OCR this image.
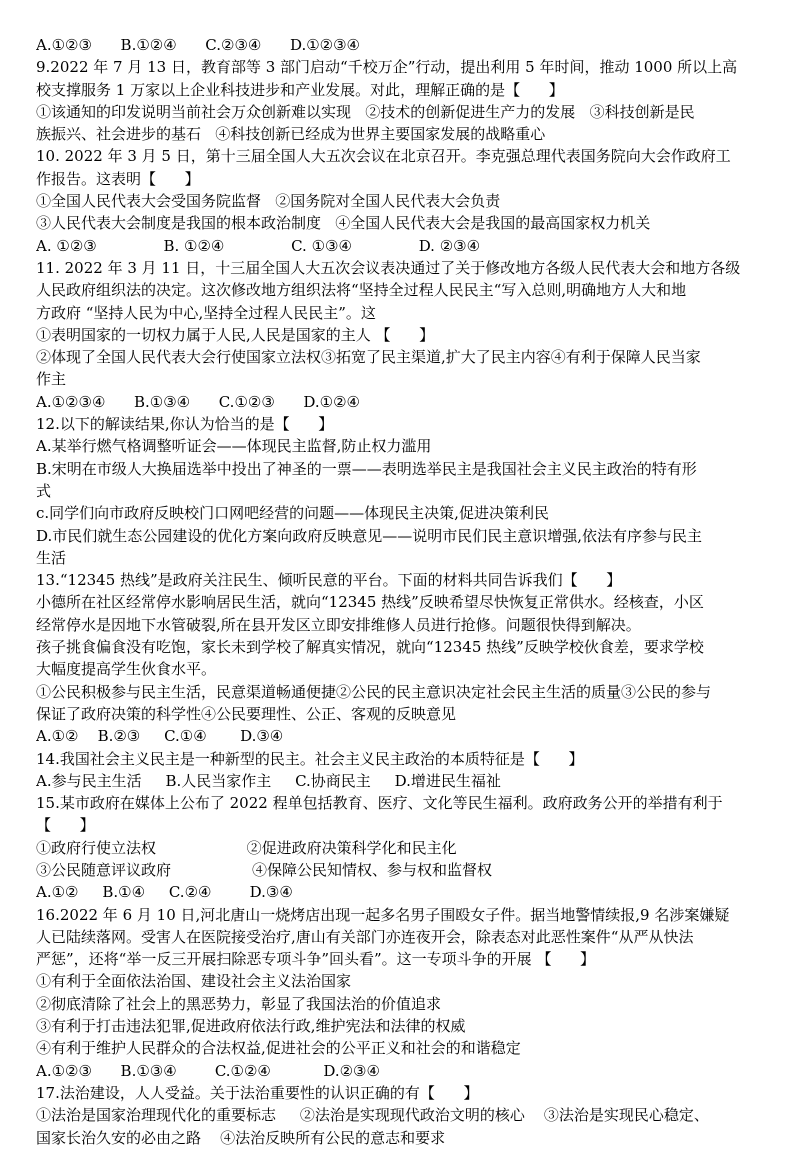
A.①②③      B.①②④      C.②③④      D.①②③④
9.2022 年 7 月 13 日，教育部等 3 部门启动“千校万企”行动，提出利用 5 年时间，推动 1000 所以上高
校支撑服务 1 万家以上企业科技进步和产业发展。对此，理解正确的是【      】
①该通知的印发说明当前社会万众创新难以实现   ②技术的创新促进生产力的发展   ③科技创新是民
族振兴、社会进步的基石   ④科技创新已经成为世界主要国家发展的战略重心
10. 2022 年 3 月 5 日，第十三届全国人大五次会议在北京召开。李克强总理代表国务院向大会作政府工
作报告。这表明【      】
①全国人民代表大会受国务院监督   ②国务院对全国人民代表大会负责
③人民代表大会制度是我国的根本政治制度   ④全国人民代表大会是我国的最高国家权力机关
A. ①②③              B. ①②④              C. ①③④              D. ②③④
11. 2022 年 3 月 11 日，十三届全国人大五次会议表决通过了关于修改地方各级人民代表大会和地方各级
人民政府组织法的决定。这次修改地方组织法将“坚持全过程人民民主“写入总则,明确地方人大和地
方政府 “坚持人民为中心,坚持全过程人民民主”。这
①表明国家的一切权力属于人民,人民是国家的主人 【      】
②体现了全国人民代表大会行使国家立法权③拓宽了民主渠道,扩大了民主内容④有利于保障人民当家
作主
A.①②③④      B.①③④      C.①②③      D.①②④
12.以下的解读结果,你认为恰当的是【      】
A.某举行燃气格调整听证会——体现民主监督,防止权力滥用
B.宋明在市级人大换届选举中投出了神圣的一票——表明选举民主是我国社会主义民主政治的特有形
式
c.同学们向市政府反映校门口网吧经营的问题——体现民主决策,促进决策利民
D.市民们就生态公园建设的优化方案向政府反映意见——说明市民们民主意识增强,依法有序参与民主
生活
13.“12345 热线”是政府关注民生、倾听民意的平台。下面的材料共同告诉我们【      】
小德所在社区经常停水影响居民生活，就向“12345 热线”反映希望尽快恢复正常供水。经核查，小区
经常停水是因地下水管破裂,所在县开发区立即安排维修人员进行抢修。问题很快得到解决。
孩子挑食偏食没有吃饱，家长未到学校了解真实情况，就向“12345 热线”反映学校伙食差，要求学校
大幅度提高学生伙食水平。
①公民积极参与民主生活，民意渠道畅通便捷②公民的民主意识决定社会民主生活的质量③公民的参与
保证了政府决策的科学性④公民要理性、公正、客观的反映意见
A.①②    B.②③     C.①④       D.③④
14.我国社会主义民主是一种新型的民主。社会主义民主政治的本质特征是【      】
A.参与民主生活     B.人民当家作主     C.协商民主     D.增进民生福祉
15.某市政府在媒体上公布了 2022 程单包括教育、医疗、文化等民生福利。政府政务公开的举措有利于
【      】
①政府行使立法权                   ②促进政府决策科学化和民主化
③公民随意评议政府                 ④保障公民知情权、参与权和监督权
A.①②     B.①④     C.②④        D.③④
16.2022 年 6 月 10 日,河北唐山一烧烤店出现一起多名男子围殴女子件。据当地警情续报,9 名涉案嫌疑
人已陆续落网。受害人在医院接受治疗,唐山有关部门亦连夜开会，除表态对此恶性案件“从严从快法
严惩”，还将“举一反三开展扫除恶专项斗争”回头看”。这一专项斗争的开展 【      】
①有利于全面依法治国、建设社会主义法治国家
②彻底清除了社会上的黑恶势力，彰显了我国法治的价值追求
③有利于打击违法犯罪,促进政府依法行政,维护宪法和法律的权威
④有利于维护人民群众的合法权益,促进社会的公平正义和社会的和谐稳定
A.①②③      B.①③④        C.①②④           D.②③④
17.法治建设，人人受益。关于法治重要性的认识正确的有【      】
①法治是国家治理现代化的重要标志     ②法治是实现现代政治文明的核心    ③法治是实现民心稳定、
国家长治久安的必由之路    ④法治反映所有公民的意志和要求
